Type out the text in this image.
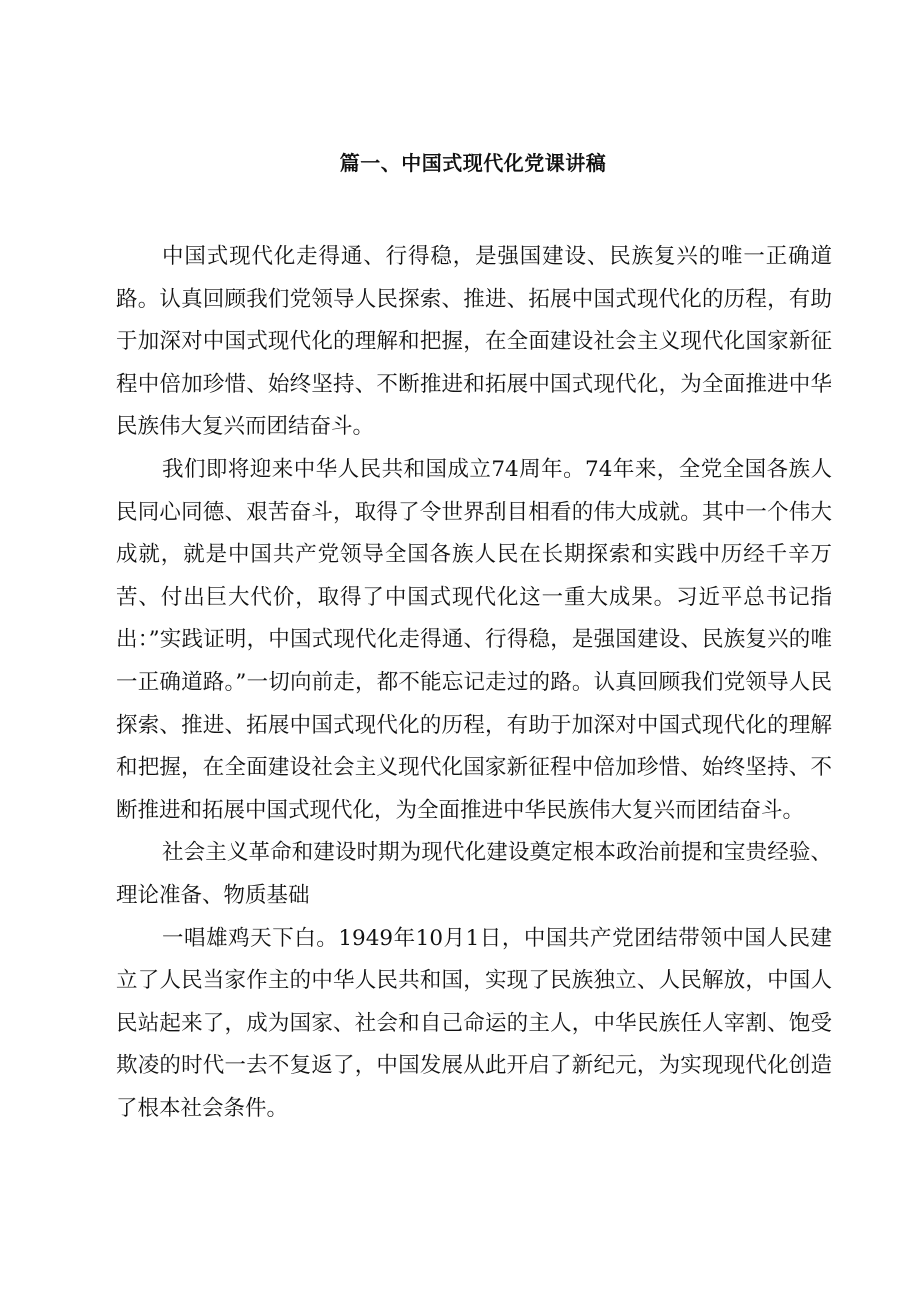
篇一、中国式现代化党课讲稿

中国式现代化走得通、行得稳，是强国建设、民族复兴的唯一正确道路。认真回顾我们党领导人民探索、推进、拓展中国式现代化的历程，有助于加深对中国式现代化的理解和把握，在全面建设社会主义现代化国家新征程中倍加珍惜、始终坚持、不断推进和拓展中国式现代化，为全面推进中华民族伟大复兴而团结奋斗。

我们即将迎来中华人民共和国成立74周年。74年来，全党全国各族人民同心同德、艰苦奋斗，取得了令世界刮目相看的伟大成就。其中一个伟大成就，就是中国共产党领导全国各族人民在长期探索和实践中历经千辛万苦、付出巨大代价，取得了中国式现代化这一重大成果。习近平总书记指出：”实践证明，中国式现代化走得通、行得稳，是强国建设、民族复兴的唯一正确道路。”一切向前走，都不能忘记走过的路。认真回顾我们党领导人民探索、推进、拓展中国式现代化的历程，有助于加深对中国式现代化的理解和把握，在全面建设社会主义现代化国家新征程中倍加珍惜、始终坚持、不断推进和拓展中国式现代化，为全面推进中华民族伟大复兴而团结奋斗。

社会主义革命和建设时期为现代化建设奠定根本政治前提和宝贵经验、理论准备、物质基础

一唱雄鸡天下白。1949年10月1日，中国共产党团结带领中国人民建立了人民当家作主的中华人民共和国，实现了民族独立、人民解放，中国人民站起来了，成为国家、社会和自己命运的主人，中华民族任人宰割、饱受欺凌的时代一去不复返了，中国发展从此开启了新纪元，为实现现代化创造了根本社会条件。
